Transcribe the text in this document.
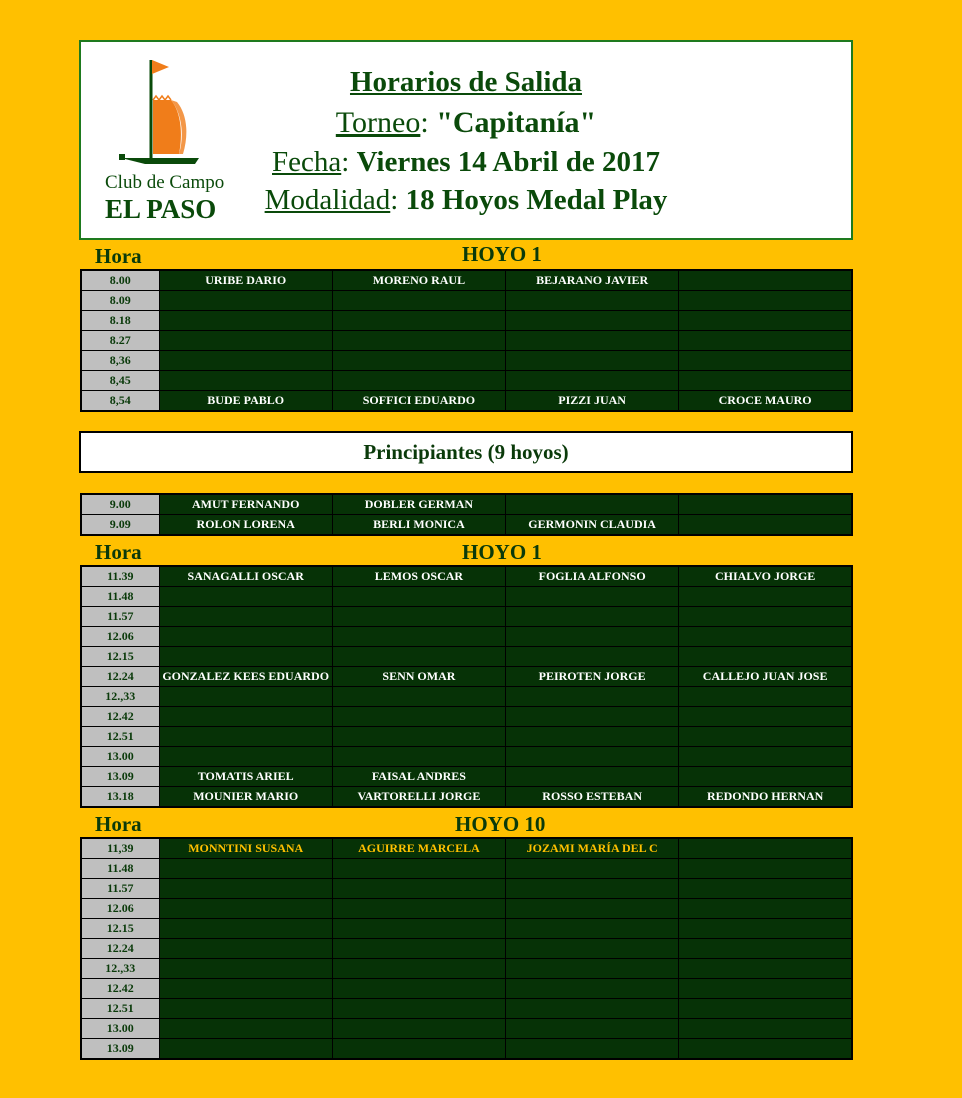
Club de Campo
EL PASO
Horarios de Salida
Torneo: "Capitanía"
Fecha: Viernes 14 Abril de 2017
Modalidad: 18 Hoyos Medal Play
Hora	HOYO 1
8.00	URIBE DARIO	MORENO RAUL	BEJARANO JAVIER	
8.09				
8.18				
8.27				
8,36				
8,45				
8,54	BUDE PABLO	SOFFICI EDUARDO	PIZZI JUAN	CROCE MAURO
Principiantes (9 hoyos)
9.00	AMUT FERNANDO	DOBLER GERMAN		
9.09	ROLON LORENA	BERLI MONICA	GERMONIN CLAUDIA	
Hora	HOYO 1
11.39	SANAGALLI OSCAR	LEMOS OSCAR	FOGLIA ALFONSO	CHIALVO JORGE
11.48				
11.57				
12.06				
12.15				
12.24	GONZALEZ KEES EDUARDO	SENN OMAR	PEIROTEN JORGE	CALLEJO JUAN JOSE
12.,33				
12.42				
12.51				
13.00				
13.09	TOMATIS ARIEL	FAISAL ANDRES		
13.18	MOUNIER MARIO	VARTORELLI JORGE	ROSSO ESTEBAN	REDONDO HERNAN
Hora	HOYO 10
11,39	MONNTINI SUSANA	AGUIRRE MARCELA	JOZAMI MARÍA DEL C	
11.48				
11.57				
12.06				
12.15				
12.24				
12.,33				
12.42				
12.51				
13.00				
13.09				
